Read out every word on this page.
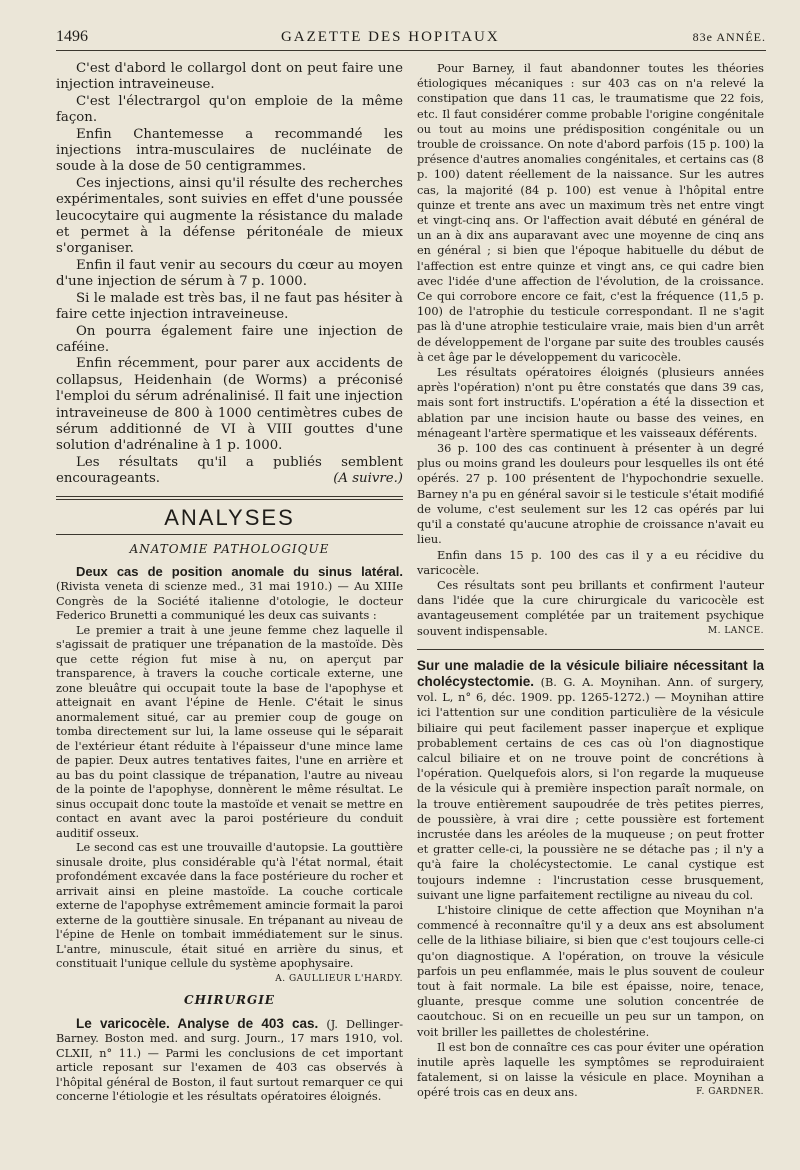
1496	GAZETTE DES HOPITAUX	83e ANNÉE.

C'est d'abord le collargol dont on peut faire une injection intraveineuse.

C'est l'électrargol qu'on emploie de la même façon.

Enfin Chantemesse a recommandé les injections intra-musculaires de nucléinate de soude à la dose de 50 centigrammes.

Ces injections, ainsi qu'il résulte des recherches expérimentales, sont suivies en effet d'une poussée leucocytaire qui augmente la résistance du malade et permet à la défense péritonéale de mieux s'organiser.

Enfin il faut venir au secours du cœur au moyen d'une injection de sérum à 7 p. 1000.

Si le malade est très bas, il ne faut pas hésiter à faire cette injection intraveineuse.

On pourra également faire une injection de caféine.

Enfin récemment, pour parer aux accidents de collapsus, Heidenhain (de Worms) a préconisé l'emploi du sérum adrénalinisé. Il fait une injection intraveineuse de 800 à 1000 centimètres cubes de sérum additionné de VI à VIII gouttes d'une solution d'adrénaline à 1 p. 1000.

Les résultats qu'il a publiés semblent encourageants.	(A suivre.)

ANALYSES
ANATOMIE PATHOLOGIQUE

Deux cas de position anomale du sinus latéral. (Rivista veneta di scienze med., 31 mai 1910.) — Au XIIIe Congrès de la Société italienne d'otologie, le docteur Federico Brunetti a communiqué les deux cas suivants :

Le premier a trait à une jeune femme chez laquelle il s'agissait de pratiquer une trépanation de la mastoïde. Dès que cette région fut mise à nu, on aperçut par transparence, à travers la couche corticale externe, une zone bleuâtre qui occupait toute la base de l'apophyse et atteignait en avant l'épine de Henle. C'était le sinus anormalement situé, car au premier coup de gouge on tomba directement sur lui, la lame osseuse qui le séparait de l'extérieur étant réduite à l'épaisseur d'une mince lame de papier. Deux autres tentatives faites, l'une en arrière et au bas du point classique de trépanation, l'autre au niveau de la pointe de l'apophyse, donnèrent le même résultat. Le sinus occupait donc toute la mastoïde et venait se mettre en contact en avant avec la paroi postérieure du conduit auditif osseux.

Le second cas est une trouvaille d'autopsie. La gouttière sinusale droite, plus considérable qu'à l'état normal, était profondément excavée dans la face postérieure du rocher et arrivait ainsi en pleine mastoïde. La couche corticale externe de l'apophyse extrêmement amincie formait la paroi externe de la gouttière sinusale. En trépanant au niveau de l'épine de Henle on tombait immédiatement sur le sinus. L'antre, minuscule, était situé en arrière du sinus, et constituait l'unique cellule du système apophysaire.

A. GAULLIEUR L'HARDY.
CHIRURGIE

Le varicocèle. Analyse de 403 cas. (J. Dellinger-Barney. Boston med. and surg. Journ., 17 mars 1910, vol. CLXII, n° 11.) — Parmi les conclusions de cet important article reposant sur l'examen de 403 cas observés à l'hôpital général de Boston, il faut surtout remarquer ce qui concerne l'étiologie et les résultats opératoires éloignés.

Pour Barney, il faut abandonner toutes les théories étiologiques mécaniques : sur 403 cas on n'a relevé la constipation que dans 11 cas, le traumatisme que 22 fois, etc. Il faut considérer comme probable l'origine congénitale ou tout au moins une prédisposition congénitale ou un trouble de croissance. On note d'abord parfois (15 p. 100) la présence d'autres anomalies congénitales, et certains cas (8 p. 100) datent réellement de la naissance. Sur les autres cas, la majorité (84 p. 100) est venue à l'hôpital entre quinze et trente ans avec un maximum très net entre vingt et vingt-cinq ans. Or l'affection avait débuté en général de un an à dix ans auparavant avec une moyenne de cinq ans en général ; si bien que l'époque habituelle du début de l'affection est entre quinze et vingt ans, ce qui cadre bien avec l'idée d'une affection de l'évolution, de la croissance. Ce qui corrobore encore ce fait, c'est la fréquence (11,5 p. 100) de l'atrophie du testicule correspondant. Il ne s'agit pas là d'une atrophie testiculaire vraie, mais bien d'un arrêt de développement de l'organe par suite des troubles causés à cet âge par le développement du varicocèle.

Les résultats opératoires éloignés (plusieurs années après l'opération) n'ont pu être constatés que dans 39 cas, mais sont fort instructifs. L'opération a été la dissection et ablation par une incision haute ou basse des veines, en ménageant l'artère spermatique et les vaisseaux déférents.

36 p. 100 des cas continuent à présenter à un degré plus ou moins grand les douleurs pour lesquelles ils ont été opérés. 27 p. 100 présentent de l'hypochondrie sexuelle. Barney n'a pu en général savoir si le testicule s'était modifié de volume, c'est seulement sur les 12 cas opérés par lui qu'il a constaté qu'aucune atrophie de croissance n'avait eu lieu.

Enfin dans 15 p. 100 des cas il y a eu récidive du varicocèle.

Ces résultats sont peu brillants et confirment l'auteur dans l'idée que la cure chirurgicale du varicocèle est avantageusement complétée par un traitement psychique souvent indispensable.	M. LANCE.

Sur une maladie de la vésicule biliaire nécessitant la cholécystectomie. (B. G. A. Moynihan. Ann. of surgery, vol. L, n° 6, déc. 1909. pp. 1265-1272.) — Moynihan attire ici l'attention sur une condition particulière de la vésicule biliaire qui peut facilement passer inaperçue et explique probablement certains de ces cas où l'on diagnostique calcul biliaire et on ne trouve point de concrétions à l'opération. Quelquefois alors, si l'on regarde la muqueuse de la vésicule qui à première inspection paraît normale, on la trouve entièrement saupoudrée de très petites pierres, de poussière, à vrai dire ; cette poussière est fortement incrustée dans les aréoles de la muqueuse ; on peut frotter et gratter celle-ci, la poussière ne se détache pas ; il n'y a qu'à faire la cholécystectomie. Le canal cystique est toujours indemne : l'incrustation cesse brusquement, suivant une ligne parfaitement rectiligne au niveau du col.

L'histoire clinique de cette affection que Moynihan n'a commencé à reconnaître qu'il y a deux ans est absolument celle de la lithiase biliaire, si bien que c'est toujours celle-ci qu'on diagnostique. A l'opération, on trouve la vésicule parfois un peu enflammée, mais le plus souvent de couleur tout à fait normale. La bile est épaisse, noire, tenace, gluante, presque comme une solution concentrée de caoutchouc. Si on en recueille un peu sur un tampon, on voit briller les paillettes de cholestérine.

Il est bon de connaître ces cas pour éviter une opération inutile après laquelle les symptômes se reproduiraient fatalement, si on laisse la vésicule en place. Moynihan a opéré trois cas en deux ans.	F. GARDNER.
